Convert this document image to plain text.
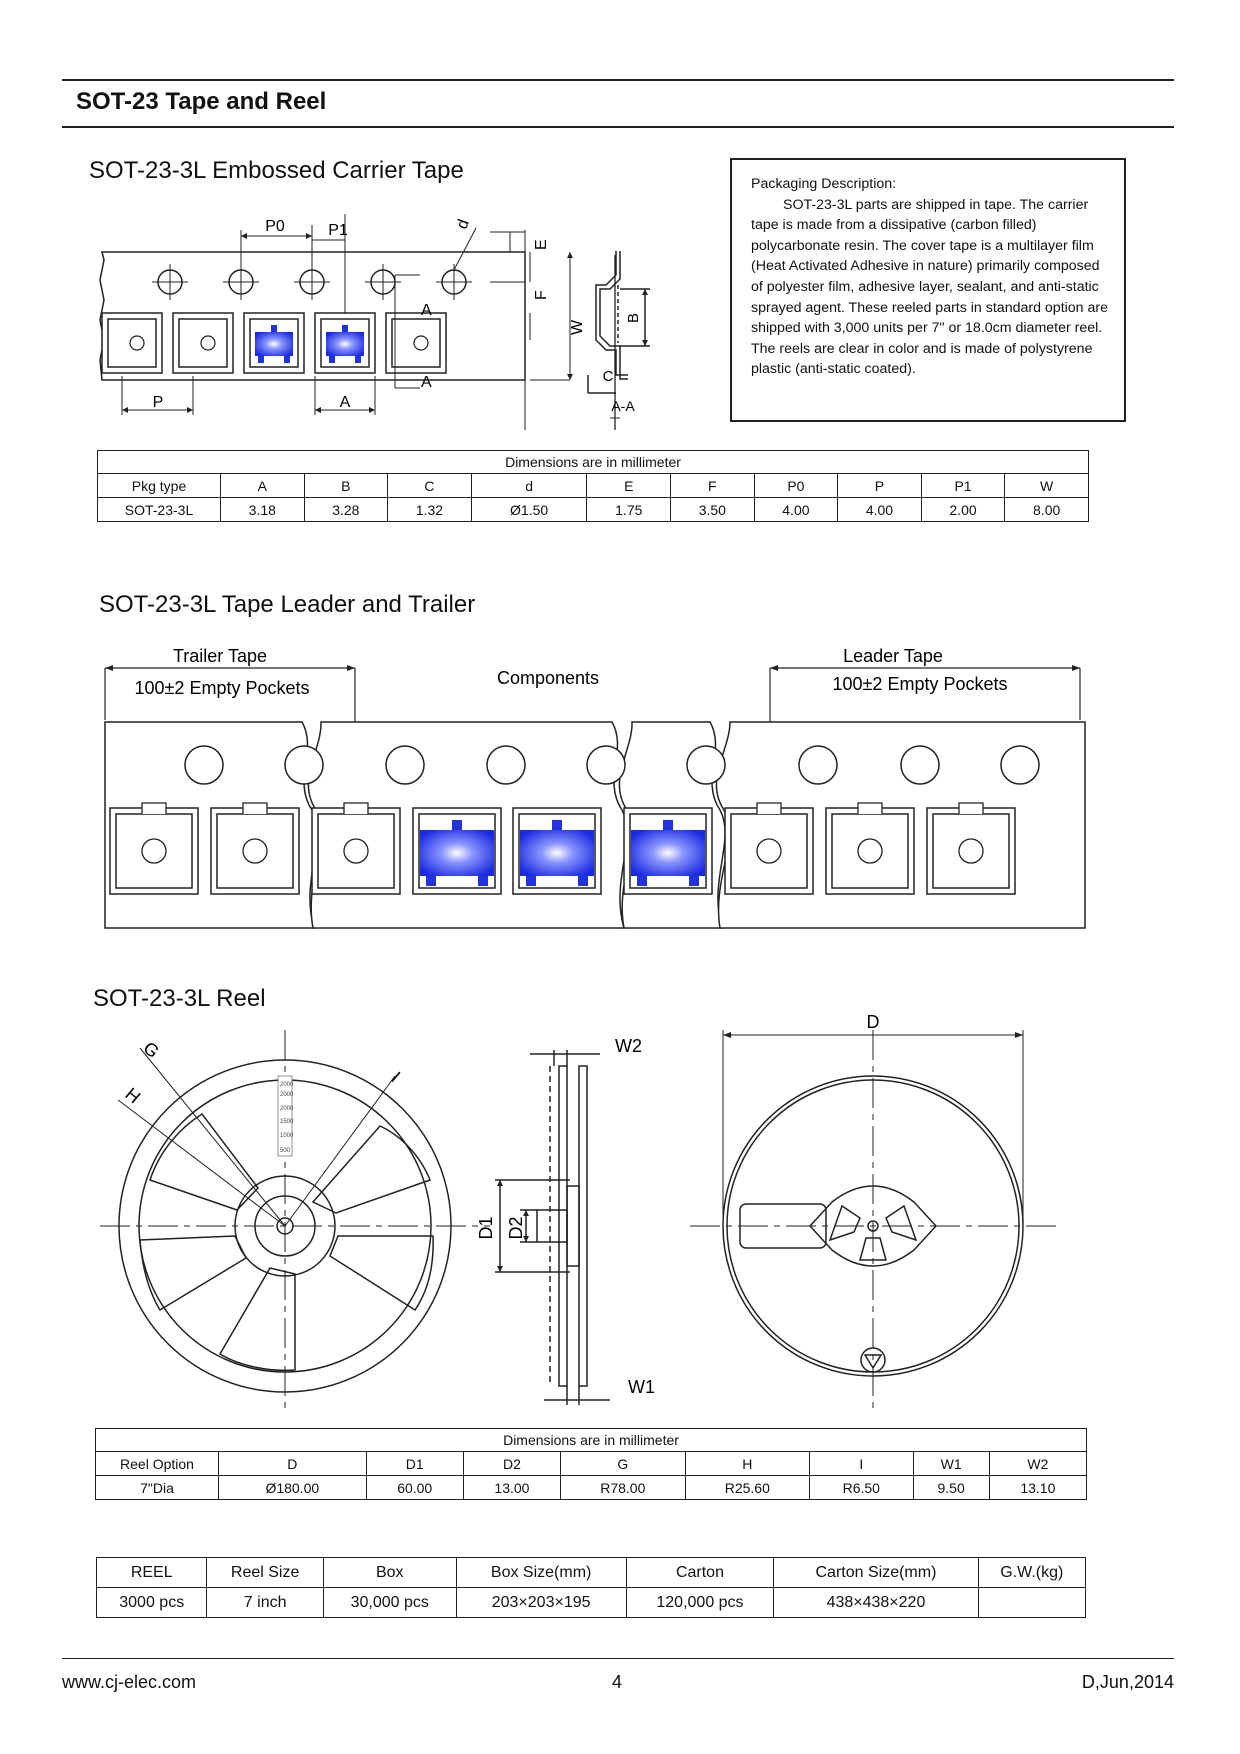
SOT-23 Tape and Reel
SOT-23-3L Embossed Carrier Tape
P0	P1	d
A
A
E
F
W
P	A
B
C
A-A

Packaging Description:

SOT-23-3L parts are shipped in tape. The carrier tape is made from a dissipative (carbon filled) polycarbonate resin. The cover tape is a multilayer film (Heat Activated Adhesive in nature) primarily composed of polyester film, adhesive layer, sealant, and anti-static sprayed agent. These reeled parts in standard option are shipped with 3,000 units per 7" or 18.0cm diameter reel. The reels are clear in color and is made of polystyrene plastic (anti-static coated).

Dimensions are in millimeter										
Pkg type	A	B	C	d	E	F	P0	P	P1	W
SOT-23-3L	3.18	3.28	1.32	Ø1.50	1.75	3.50	4.00	4.00	2.00	8.00
SOT-23-3L Tape Leader and Trailer
Trailer Tape
100±2 Empty Pockets	Components
Leader Tape
100±2 Empty Pockets
SOT-23-3L Reel
2000
2000
2000
1500
1000
500
G
H
I
W2
W1
D1 D2
D
Dimensions are in millimeter								
Reel Option	D	D1	D2	G	H	I	W1	W2
7"Dia	Ø180.00	60.00	13.00	R78.00	R25.60	R6.50	9.50	13.10
REEL	Reel Size	Box	Box Size(mm)	Carton	Carton Size(mm)	G.W.(kg)
3000 pcs	7 inch	30,000 pcs	203×203×195	120,000 pcs	438×438×220	
www.cj-elec.com	4	D,Jun,2014
